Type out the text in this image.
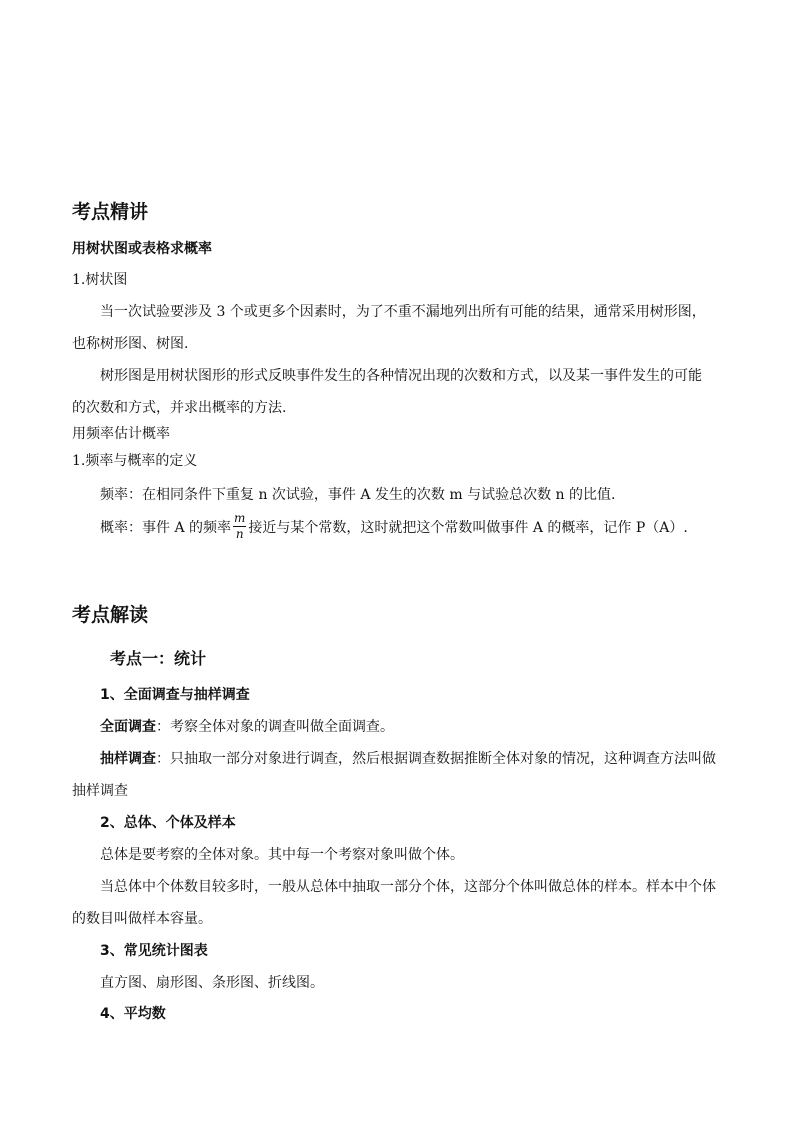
考点精讲
用树状图或表格求概率
1.树状图
当一次试验要涉及 3 个或更多个因素时，为了不重不漏地列出所有可能的结果，通常采用树形图，
也称树形图、树图.
树形图是用树状图形的形式反映事件发生的各种情况出现的次数和方式，以及某一事件发生的可能
的次数和方式，并求出概率的方法.
用频率估计概率
1.频率与概率的定义
频率：在相同条件下重复 n 次试验，事件 A 发生的次数 m 与试验总次数 n 的比值.
概率：事件 A 的频率 $\frac{m}{n}$ 接近与某个常数，这时就把这个常数叫做事件 A 的概率，记作 P（A）.
考点解读
考点一：统计
1、全面调查与抽样调查
全面调查：考察全体对象的调查叫做全面调查。
抽样调查：只抽取一部分对象进行调查，然后根据调查数据推断全体对象的情况，这种调查方法叫做
抽样调查
2、总体、个体及样本
总体是要考察的全体对象。其中每一个考察对象叫做个体。
当总体中个体数目较多时，一般从总体中抽取一部分个体，这部分个体叫做总体的样本。样本中个体
的数目叫做样本容量。
3、常见统计图表
直方图、扇形图、条形图、折线图。
4、平均数
